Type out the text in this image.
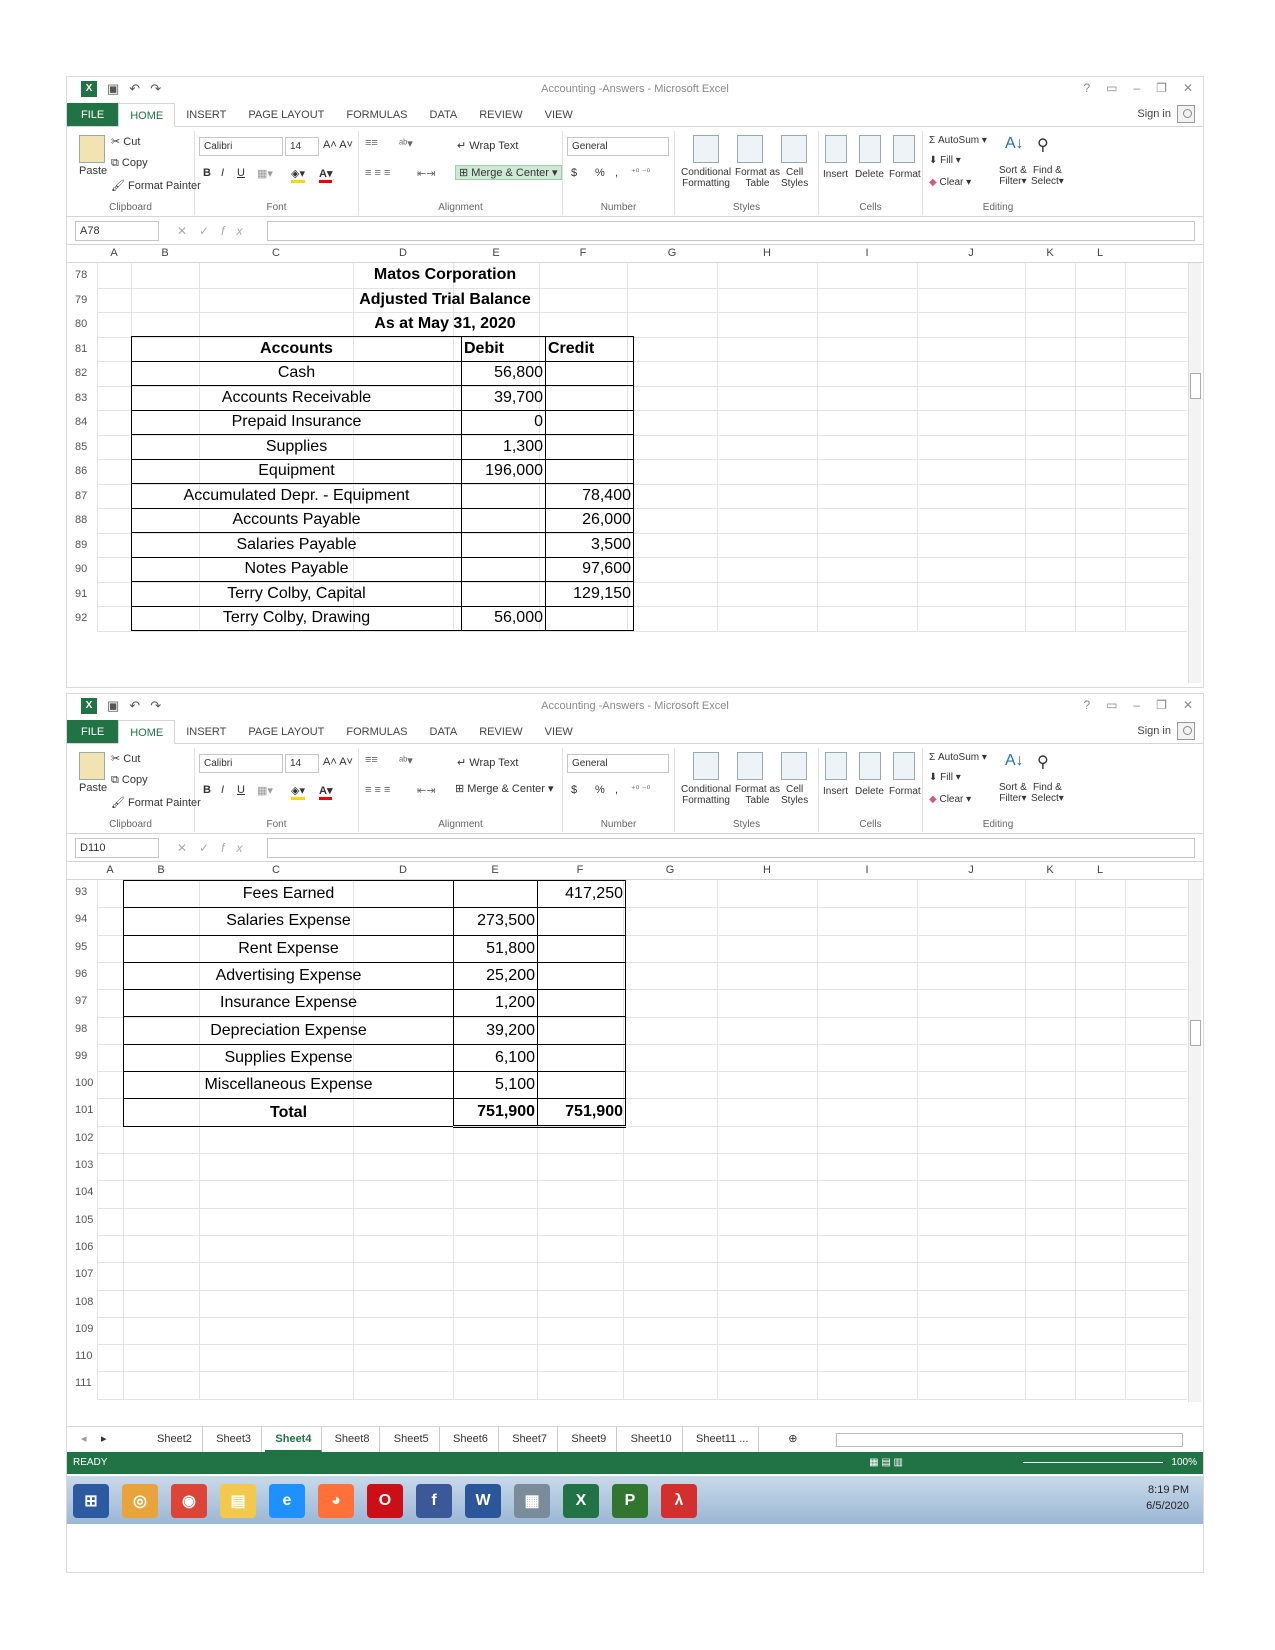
X	▣ ↶ ↷	Accounting -Answers - Microsoft Excel	? ▭ – ❐ ✕
FILE	HOME	INSERT	PAGE LAYOUT	FORMULAS	DATA	REVIEW	VIEW	Sign in
Paste
✂ Cut
⧉ Copy
🖌 Format Painter
Clipboard
Calibri	14	A˄ A˅
B I U ▦▾ ◈▾ A▾
Font
≡≡ ᵃᵇ▾	↵ Wrap Text
≡ ≡ ≡ ⇤⇥	⊞ Merge & Center ▾
Alignment
General
$ % , ⁺⁰ ⁻⁰
Number
Conditional
Formatting
Format as
Table
Cell
Styles
Styles
Insert Delete Format
Cells
Σ AutoSum ▾
⬇ Fill ▾
◆ Clear ▾
A↓ ⚲
Sort &
Filter▾
Find &
Select▾
Editing
A78	✕✓fx
A	B	C	D	E	F	G	H	I	J	K	L
78
79
80
81
82
83
84
85
86
87
88
89
90
91
92
Matos Corporation
Adjusted Trial Balance
As at May 31, 2020
Accounts	Debit	Credit
Cash	56,800	
Accounts Receivable	39,700	
Prepaid Insurance	0	
Supplies	1,300	
Equipment	196,000	
Accumulated Depr. - Equipment		78,400
Accounts Payable		26,000
Salaries Payable		3,500
Notes Payable		97,600
Terry Colby, Capital		129,150
Terry Colby, Drawing	56,000	
X	▣ ↶ ↷	Accounting -Answers - Microsoft Excel	? ▭ – ❐ ✕
FILE	HOME	INSERT	PAGE LAYOUT	FORMULAS	DATA	REVIEW	VIEW	Sign in
Paste
✂ Cut
⧉ Copy
🖌 Format Painter
Clipboard
Calibri	14	A˄ A˅
B I U ▦▾ ◈▾ A▾
Font
≡≡ ᵃᵇ▾	↵ Wrap Text
≡ ≡ ≡ ⇤⇥ ⊞ Merge & Center ▾
Alignment
General
$ % , ⁺⁰ ⁻⁰
Number
Conditional
Formatting
Format as
Table
Cell
Styles
Styles
Insert Delete Format
Cells
Σ AutoSum ▾
⬇ Fill ▾
◆ Clear ▾
A↓ ⚲
Sort &
Filter▾
Find &
Select▾
Editing
D110	✕✓fx
A	B	C	D	E	F	G	H	I	J	K	L
93
94
95
96
97
98
99
100
101
102
103
104
105
106
107
108
109
110
111
Fees Earned		417,250
Salaries Expense	273,500	
Rent Expense	51,800	
Advertising Expense	25,200	
Insurance Expense	1,200	
Depreciation Expense	39,200	
Supplies Expense	6,100	
Miscellaneous Expense	5,100	
Total	751,900	751,900
◂	▸	Sheet2	Sheet3	Sheet4	Sheet8	Sheet5	Sheet6	Sheet7	Sheet9	Sheet10	Sheet11 ...	⊕
READY	▦ ▤ ▥	100%
8:19 PM
6/5/2020
⊞	◎	◉	▤	e	◕	O	f	W	▦	X	P	λ
